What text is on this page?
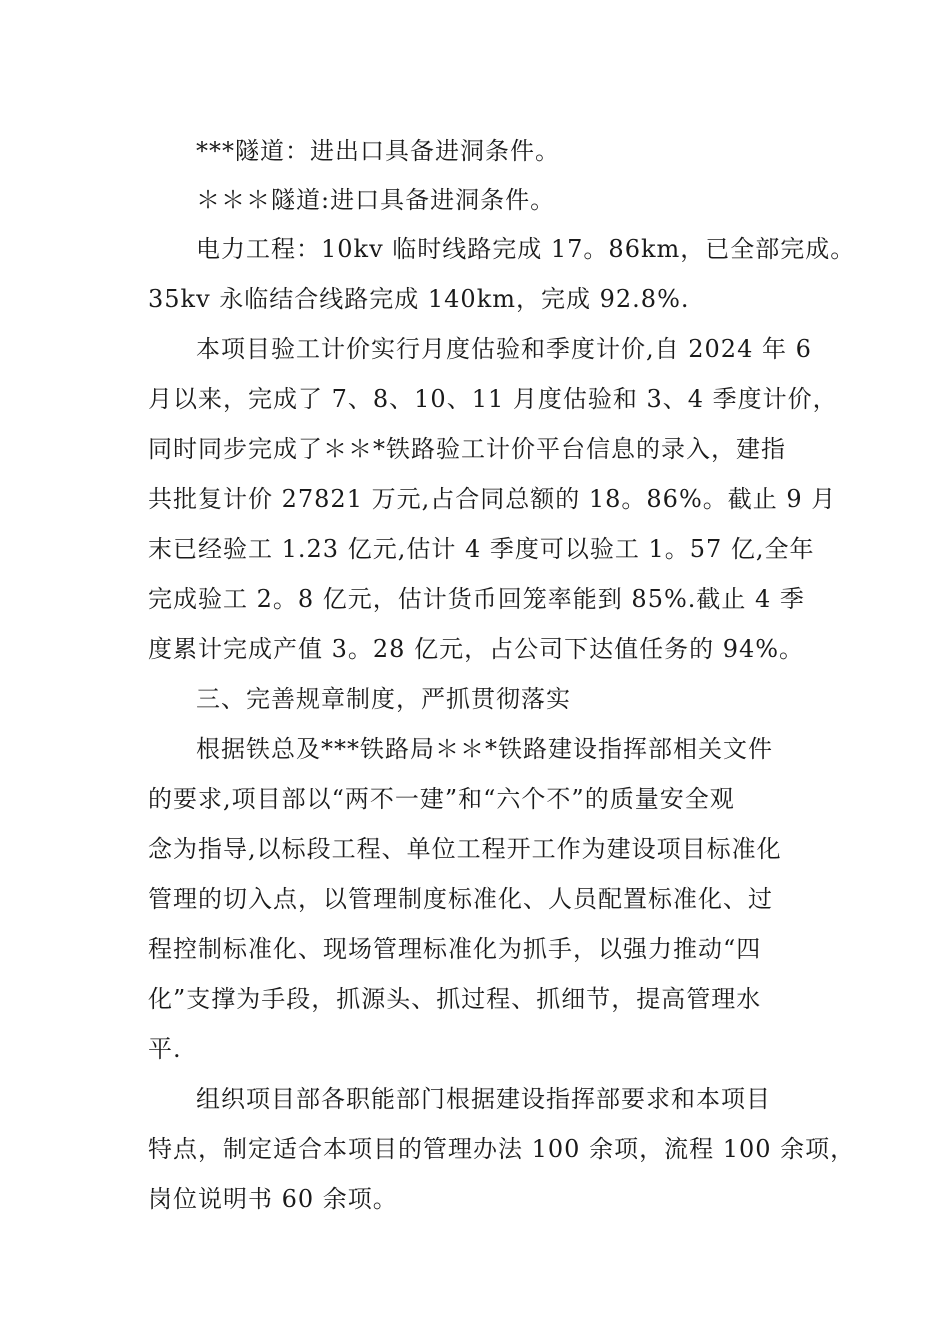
***隧道：进出口具备进洞条件。
＊＊＊隧道:进口具备进洞条件。
电力工程：10kv 临时线路完成 17。86km，已全部完成。
35kv 永临结合线路完成 140km，完成 92.8%.
本项目验工计价实行月度估验和季度计价,自 2024 年 6
月以来，完成了 7、8、10、11 月度估验和 3、4 季度计价，
同时同步完成了＊＊*铁路验工计价平台信息的录入，建指
共批复计价 27821 万元,占合同总额的 18。86%。截止 9 月
末已经验工 1.23 亿元,估计 4 季度可以验工 1。57 亿,全年
完成验工 2。8 亿元，估计货币回笼率能到 85%.截止 4 季
度累计完成产值 3。28 亿元，占公司下达值任务的 94%。
三、完善规章制度，严抓贯彻落实
根据铁总及***铁路局＊＊*铁路建设指挥部相关文件
的要求,项目部以“两不一建”和“六个不”的质量安全观
念为指导,以标段工程、单位工程开工作为建设项目标准化
管理的切入点，以管理制度标准化、人员配置标准化、过
程控制标准化、现场管理标准化为抓手，以强力推动“四
化”支撑为手段，抓源头、抓过程、抓细节，提高管理水
平.
组织项目部各职能部门根据建设指挥部要求和本项目
特点，制定适合本项目的管理办法 100 余项，流程 100 余项，
岗位说明书 60 余项。
